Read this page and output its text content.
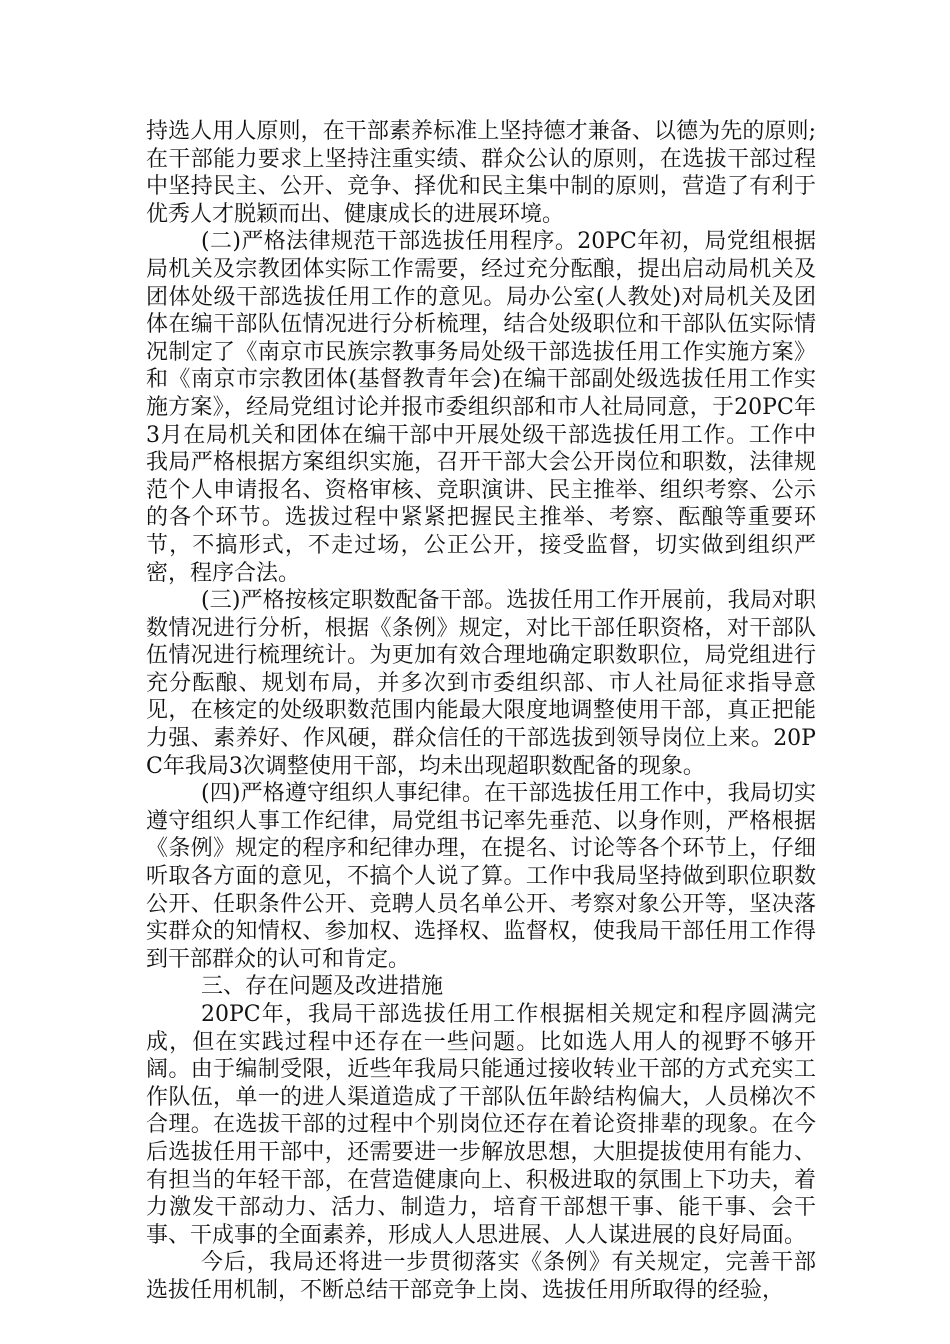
持选人用人原则，在干部素养标准上坚持德才兼备、以德为先的原则;在干部能力要求上坚持注重实绩、群众公认的原则，在选拔干部过程中坚持民主、公开、竞争、择优和民主集中制的原则，营造了有利于优秀人才脱颖而出、健康成长的进展环境。

(二)严格法律规范干部选拔任用程序。20PC年初，局党组根据局机关及宗教团体实际工作需要，经过充分酝酿，提出启动局机关及团体处级干部选拔任用工作的意见。局办公室(人教处)对局机关及团体在编干部队伍情况进行分析梳理，结合处级职位和干部队伍实际情况制定了《南京市民族宗教事务局处级干部选拔任用工作实施方案》和《南京市宗教团体(基督教青年会)在编干部副处级选拔任用工作实施方案》，经局党组讨论并报市委组织部和市人社局同意，于20PC年3月在局机关和团体在编干部中开展处级干部选拔任用工作。工作中我局严格根据方案组织实施，召开干部大会公开岗位和职数，法律规范个人申请报名、资格审核、竞职演讲、民主推举、组织考察、公示的各个环节。选拔过程中紧紧把握民主推举、考察、酝酿等重要环节，不搞形式，不走过场，公正公开，接受监督，切实做到组织严密，程序合法。

(三)严格按核定职数配备干部。选拔任用工作开展前，我局对职数情况进行分析，根据《条例》规定，对比干部任职资格，对干部队伍情况进行梳理统计。为更加有效合理地确定职数职位，局党组进行充分酝酿、规划布局，并多次到市委组织部、市人社局征求指导意见，在核定的处级职数范围内能最大限度地调整使用干部，真正把能力强、素养好、作风硬，群众信任的干部选拔到领导岗位上来。20PC年我局3次调整使用干部，均未出现超职数配备的现象。

(四)严格遵守组织人事纪律。在干部选拔任用工作中，我局切实遵守组织人事工作纪律，局党组书记率先垂范、以身作则，严格根据《条例》规定的程序和纪律办理，在提名、讨论等各个环节上，仔细听取各方面的意见，不搞个人说了算。工作中我局坚持做到职位职数公开、任职条件公开、竞聘人员名单公开、考察对象公开等，坚决落实群众的知情权、参加权、选择权、监督权，使我局干部任用工作得到干部群众的认可和肯定。

三、存在问题及改进措施

20PC年，我局干部选拔任用工作根据相关规定和程序圆满完成，但在实践过程中还存在一些问题。比如选人用人的视野不够开阔。由于编制受限，近些年我局只能通过接收转业干部的方式充实工作队伍，单一的进人渠道造成了干部队伍年龄结构偏大，人员梯次不合理。在选拔干部的过程中个别岗位还存在着论资排辈的现象。在今后选拔任用干部中，还需要进一步解放思想，大胆提拔使用有能力、有担当的年轻干部，在营造健康向上、积极进取的氛围上下功夫，着力激发干部动力、活力、制造力，培育干部想干事、能干事、会干事、干成事的全面素养，形成人人思进展、人人谋进展的良好局面。

今后，我局还将进一步贯彻落实《条例》有关规定，完善干部选拔任用机制，不断总结干部竞争上岗、选拔任用所取得的经验，
